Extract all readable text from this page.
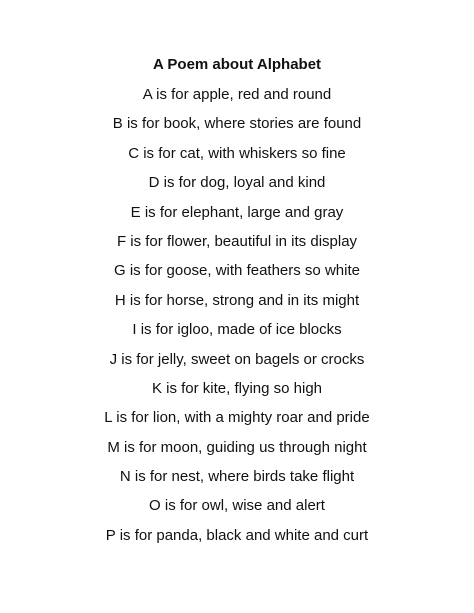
A Poem about Alphabet
A is for apple, red and round
B is for book, where stories are found
C is for cat, with whiskers so fine
D is for dog, loyal and kind
E is for elephant, large and gray
F is for flower, beautiful in its display
G is for goose, with feathers so white
H is for horse, strong and in its might
I is for igloo, made of ice blocks
J is for jelly, sweet on bagels or crocks
K is for kite, flying so high
L is for lion, with a mighty roar and pride
M is for moon, guiding us through night
N is for nest, where birds take flight
O is for owl, wise and alert
P is for panda, black and white and curt
